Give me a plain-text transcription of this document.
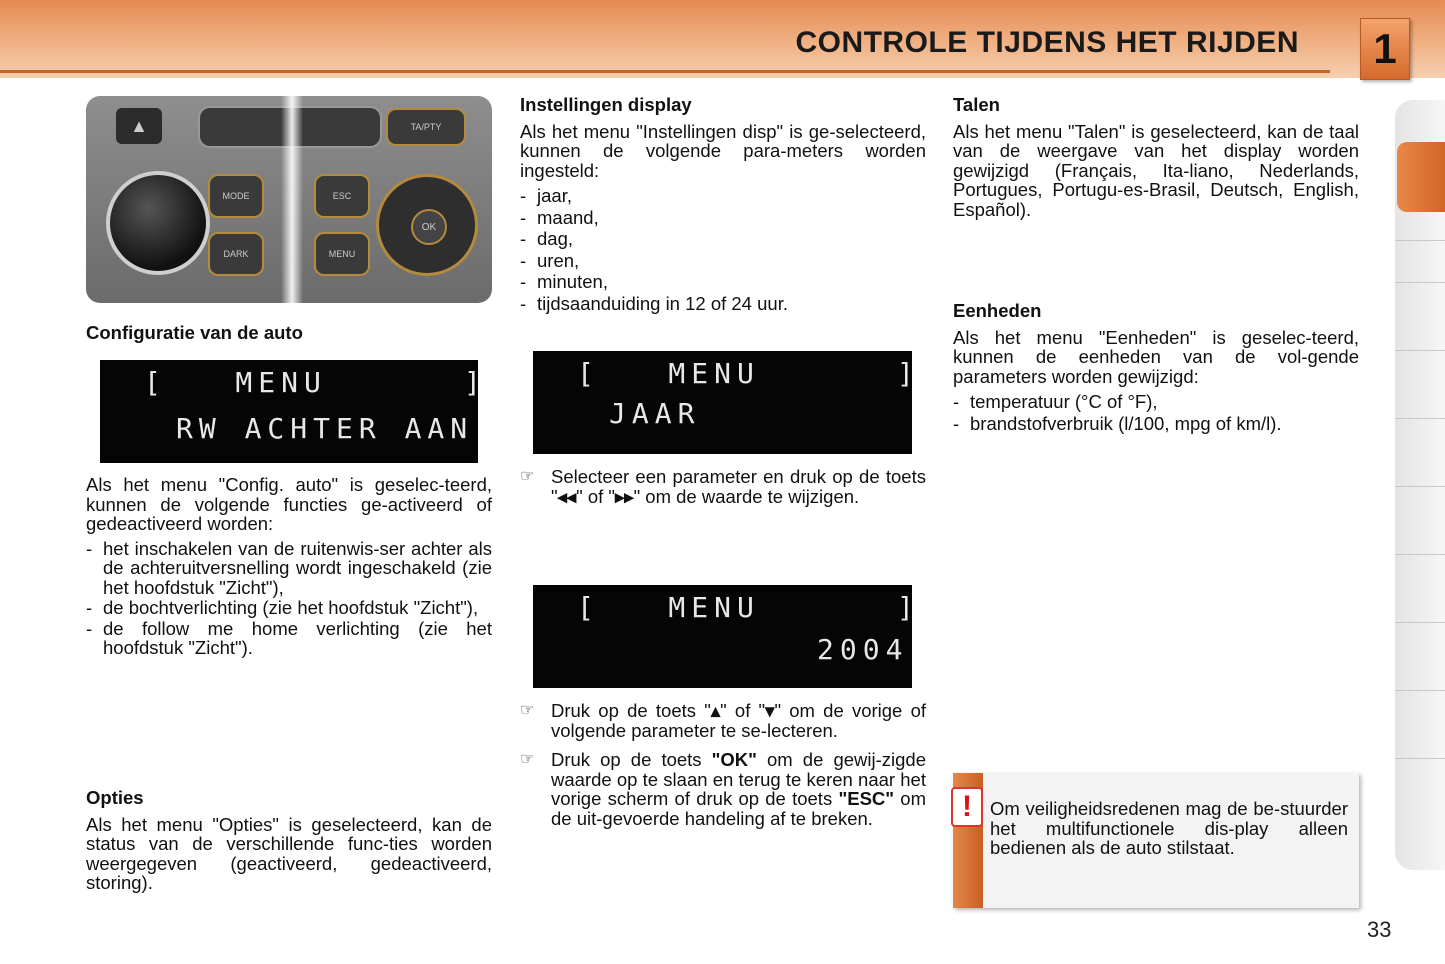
CONTROLE TIJDENS HET RIJDEN 1
▲	TA/PTY
MODE
DARK
ESC
MENU
OK

Configuratie van de auto

[   MENU      ]
RW ACHTER AAN

Als het menu "Config. auto" is geselec-teerd, kunnen de volgende functies ge-activeerd of gedeactiveerd worden:

- het inschakelen van de ruitenwis-ser achter als de achteruitversnelling wordt ingeschakeld (zie het hoofdstuk "Zicht"),

- de bochtverlichting (zie het hoofdstuk "Zicht"),

- de follow me home verlichting (zie het hoofdstuk "Zicht").

Opties

Als het menu "Opties" is geselecteerd, kan de status van de verschillende func-ties worden weergegeven (geactiveerd, gedeactiveerd, storing).

Instellingen display

Als het menu "Instellingen disp" is ge-selecteerd, kunnen de volgende para-meters worden ingesteld:

- jaar,

- maand,

- dag,

- uren,

- minuten,

- tijdsaanduiding in 12 of 24 uur.

[   MENU      ]
JAAR

☞ Selecteer een parameter en druk op de toets "◂◂" of "▸▸" om de waarde te wijzigen.

[   MENU      ]
2004

☞ Druk op de toets "▴" of "▾" om de vorige of volgende parameter te se-lecteren.

☞ Druk op de toets "OK" om de gewij-zigde waarde op te slaan en terug te keren naar het vorige scherm of druk op de toets "ESC" om de uit-gevoerde handeling af te breken.

Talen

Als het menu "Talen" is geselecteerd, kan de taal van de weergave van het display worden gewijzigd (Français, Ita-liano, Nederlands, Portugues, Portugu-es-Brasil, Deutsch, English, Español).

Eenheden

Als het menu "Eenheden" is geselec-teerd, kunnen de eenheden van de vol-gende parameters worden gewijzigd:

- temperatuur (°C of °F),

- brandstofverbruik (l/100, mpg of km/l).

! Om veiligheidsredenen mag de be-stuurder het multifunctionele dis-play alleen bedienen als de auto stilstaat.

33
